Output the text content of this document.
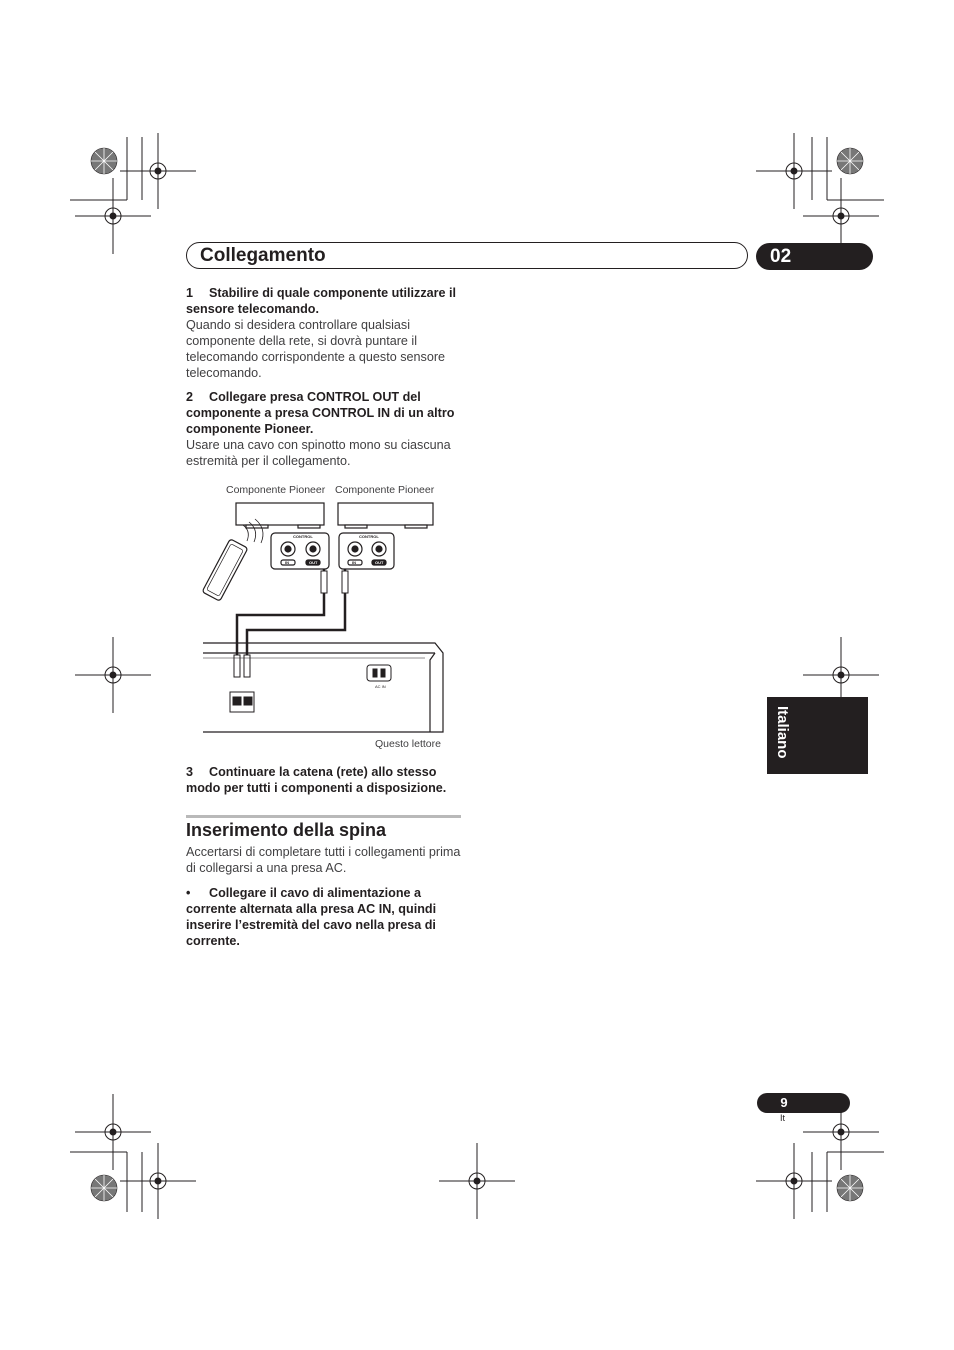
Collegamento	02
1 Stabilire di quale componente utilizzare il sensore telecomando.
Quando si desidera controllare qualsiasi componente della rete, si dovrà puntare il telecomando corrispondente a questo sensore telecomando.
2 Collegare presa CONTROL OUT del componente a presa CONTROL IN di un altro componente Pioneer.
Usare una cavo con spinotto mono su ciascuna estremità per il collegamento.
Componente Pioneer Componente Pioneer
Questo lettore
CONTROL	CONTROL
IN	IN
OUT	OUT
AC IN
3 Continuare la catena (rete) allo stesso modo per tutti i componenti a disposizione.
Inserimento della spina
Accertarsi di completare tutti i collegamenti prima di collegarsi a una presa AC.
• Collegare il cavo di alimentazione a corrente alternata alla presa AC IN, quindi inserire l’estremità del cavo nella presa di corrente.
Italiano
9
It
